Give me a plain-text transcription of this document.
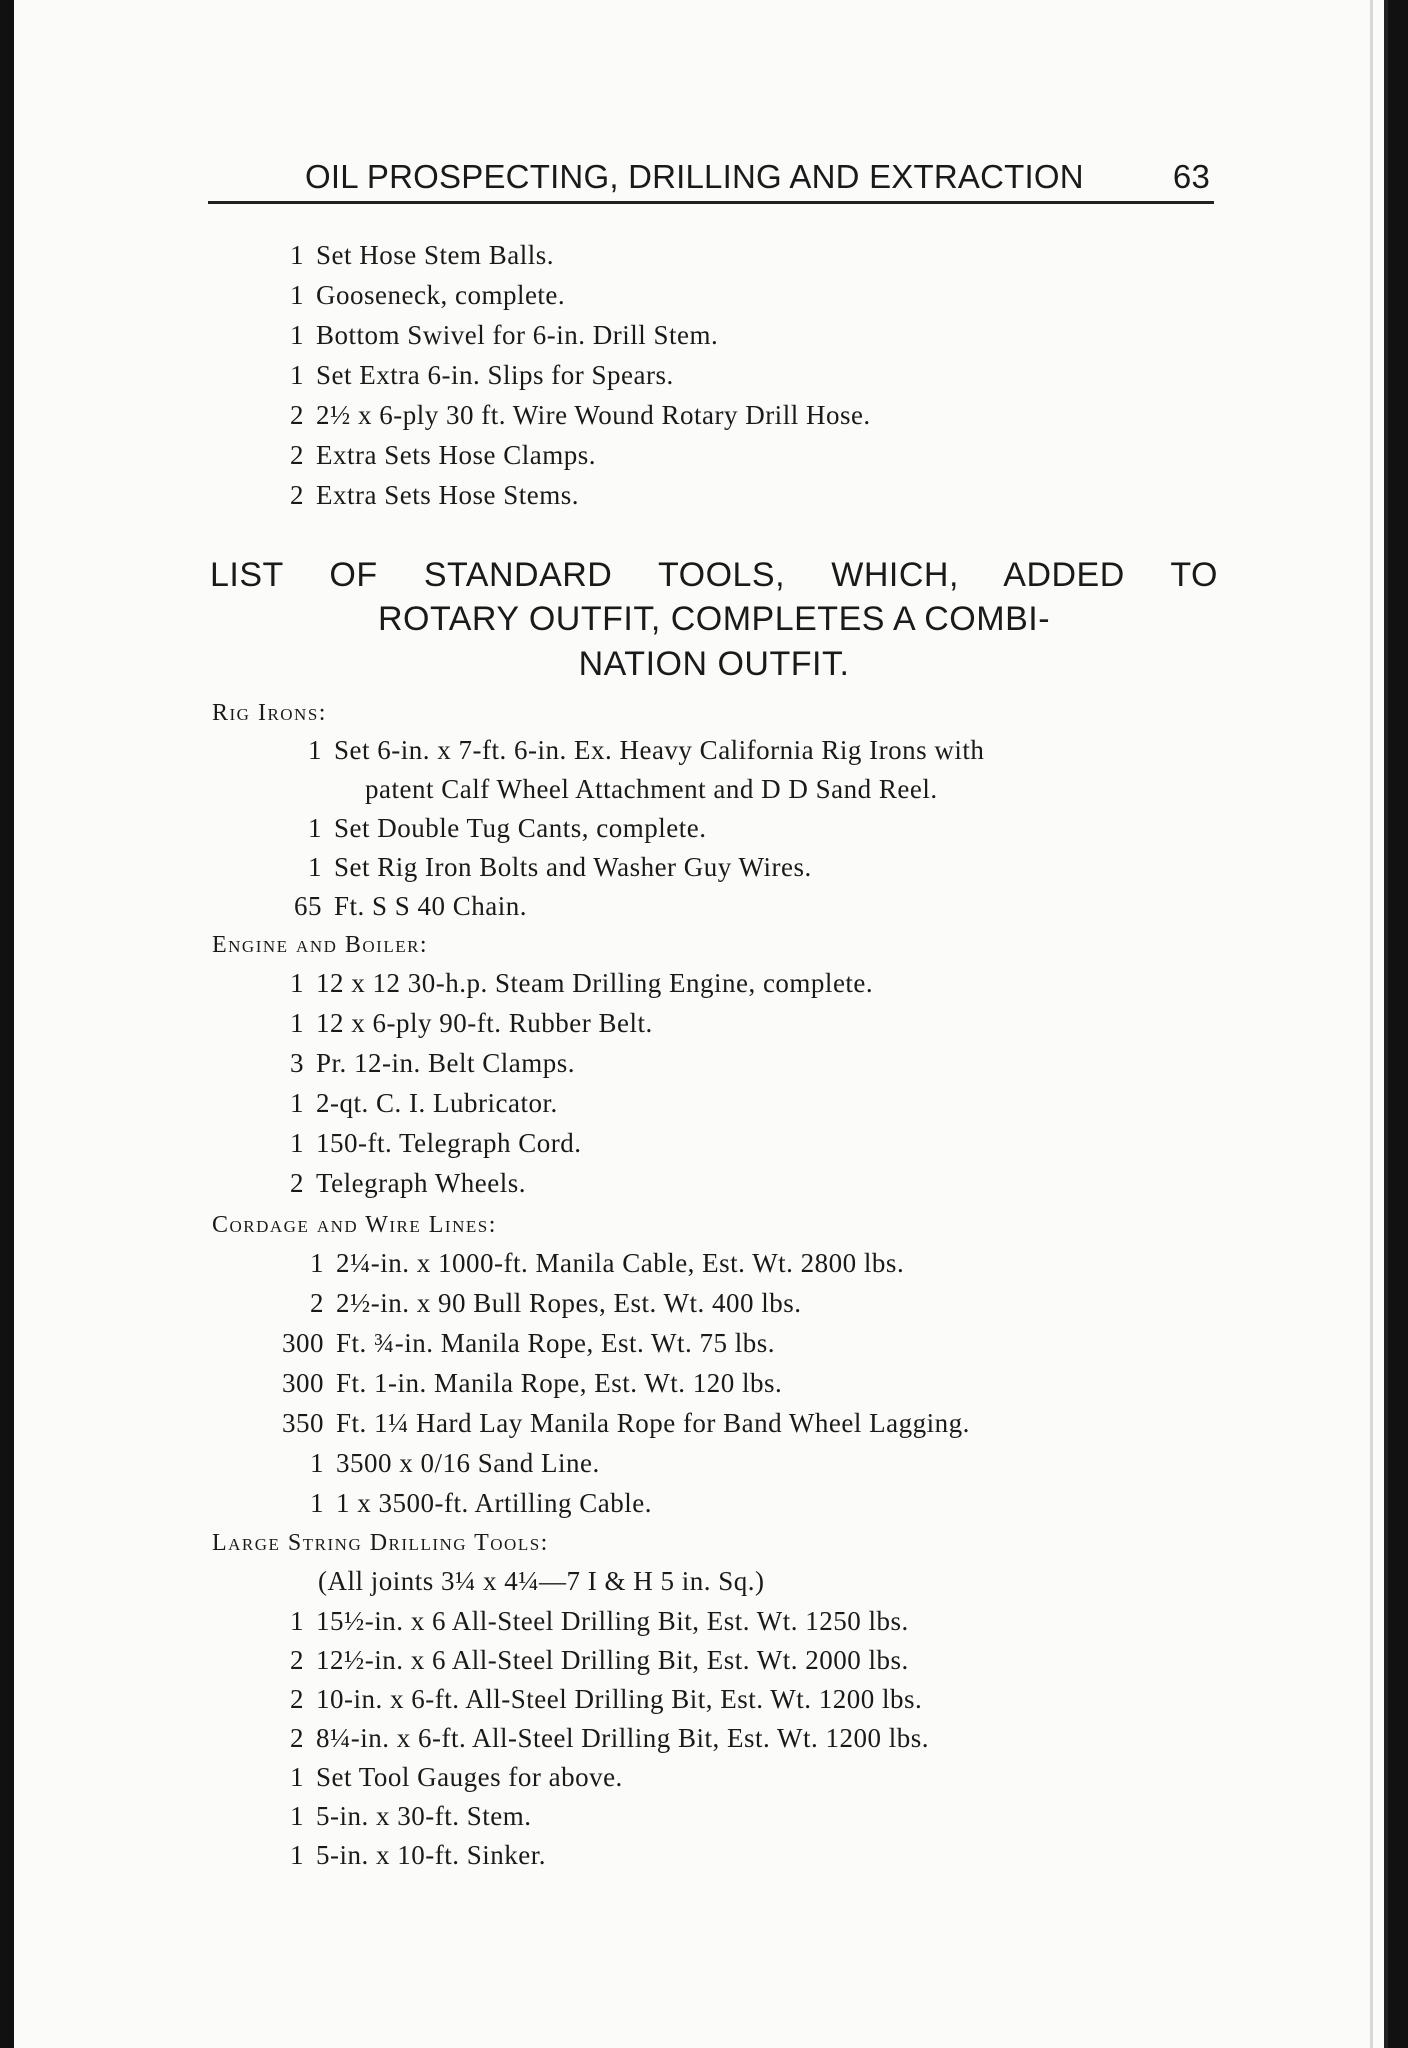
OIL PROSPECTING, DRILLING AND EXTRACTION	63
1 Set Hose Stem Balls.
1 Gooseneck, complete.
1 Bottom Swivel for 6-in. Drill Stem.
1 Set Extra 6-in. Slips for Spears.
2 2½ x 6-ply 30 ft. Wire Wound Rotary Drill Hose.
2 Extra Sets Hose Clamps.
2 Extra Sets Hose Stems.
LIST OF STANDARD TOOLS, WHICH, ADDED TO
ROTARY OUTFIT, COMPLETES A COMBI-
NATION OUTFIT.
Rig Irons:
1 Set 6-in. x 7-ft. 6-in. Ex. Heavy California Rig Irons with
patent Calf Wheel Attachment and D D Sand Reel.
1 Set Double Tug Cants, complete.
1 Set Rig Iron Bolts and Washer Guy Wires.
65 Ft. S S 40 Chain.
Engine and Boiler:
1 12 x 12 30-h.p. Steam Drilling Engine, complete.
1 12 x 6-ply 90-ft. Rubber Belt.
3 Pr. 12-in. Belt Clamps.
1 2-qt. C. I. Lubricator.
1 150-ft. Telegraph Cord.
2 Telegraph Wheels.
Cordage and Wire Lines:
1 2¼-in. x 1000-ft. Manila Cable, Est. Wt. 2800 lbs.
2 2½-in. x 90 Bull Ropes, Est. Wt. 400 lbs.
300 Ft. ¾-in. Manila Rope, Est. Wt. 75 lbs.
300 Ft. 1-in. Manila Rope, Est. Wt. 120 lbs.
350 Ft. 1¼ Hard Lay Manila Rope for Band Wheel Lagging.
1 3500 x 0/16 Sand Line.
1 1 x 3500-ft. Artilling Cable.
Large String Drilling Tools:
(All joints 3¼ x 4¼—7 I & H 5 in. Sq.)
1 15½-in. x 6 All-Steel Drilling Bit, Est. Wt. 1250 lbs.
2 12½-in. x 6 All-Steel Drilling Bit, Est. Wt. 2000 lbs.
2 10-in. x 6-ft. All-Steel Drilling Bit, Est. Wt. 1200 lbs.
2 8¼-in. x 6-ft. All-Steel Drilling Bit, Est. Wt. 1200 lbs.
1 Set Tool Gauges for above.
1 5-in. x 30-ft. Stem.
1 5-in. x 10-ft. Sinker.
